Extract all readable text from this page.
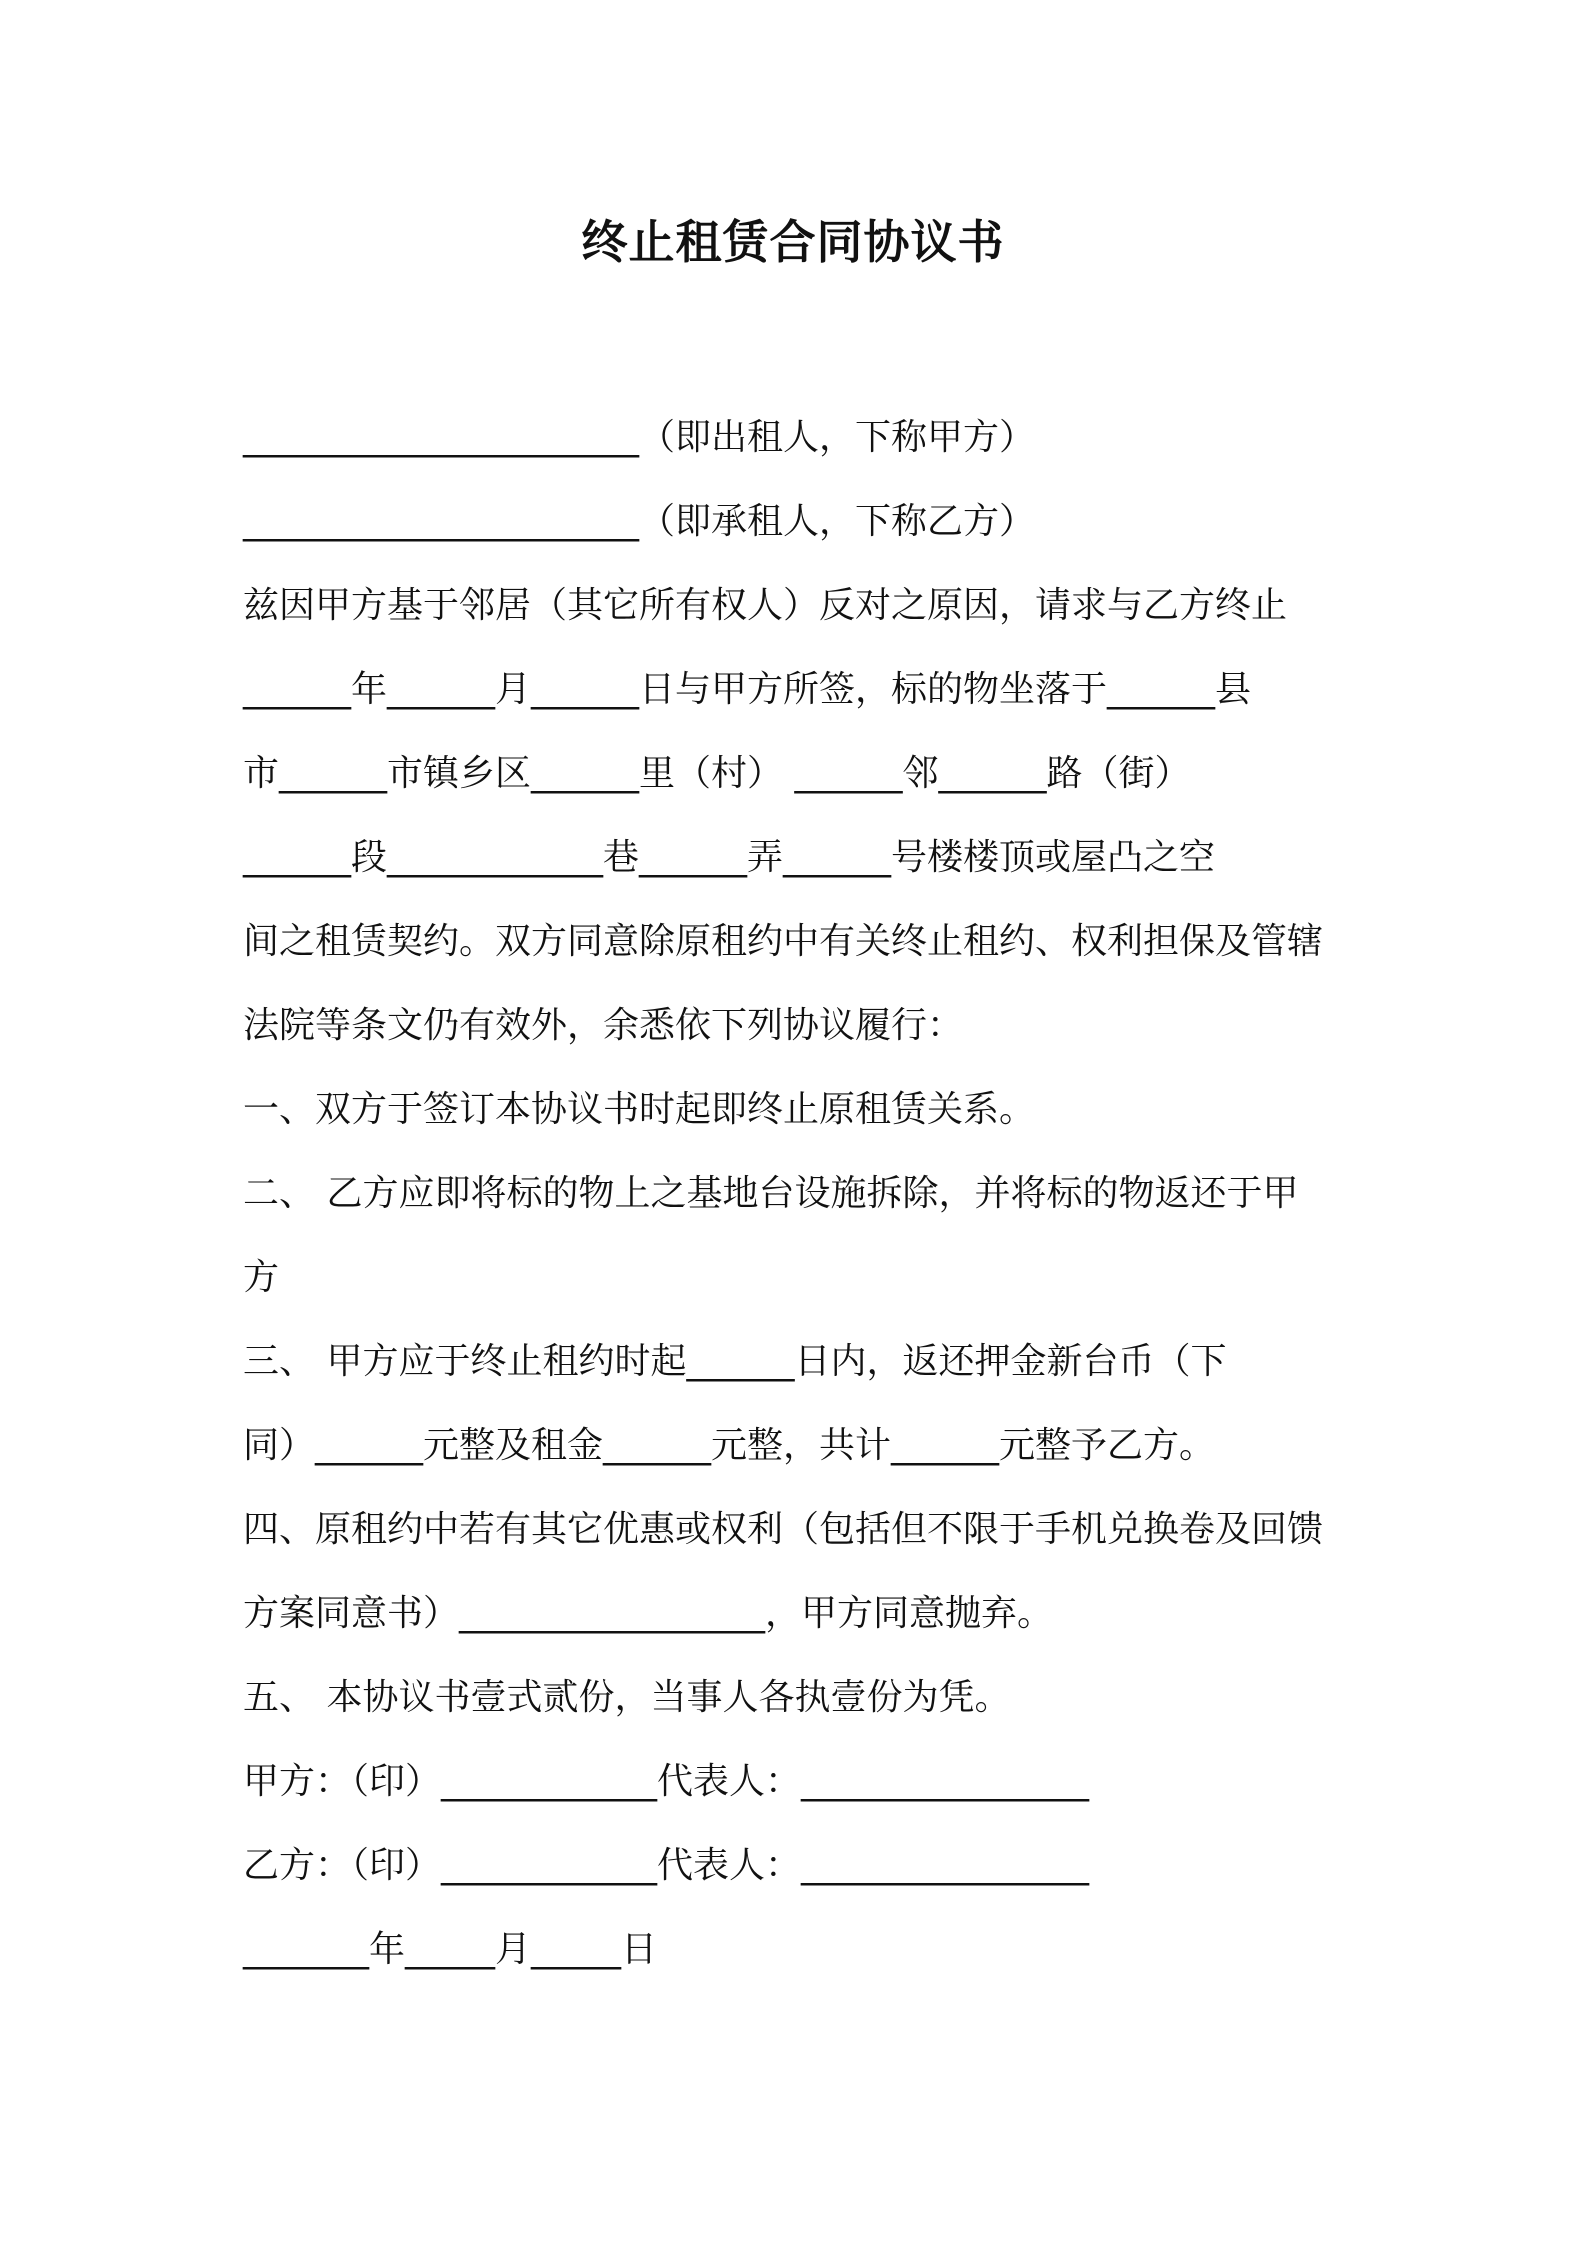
终止租赁合同协议书
______________________（即出租人，下称甲方）
______________________（即承租人，下称乙方）
兹因甲方基于邻居（其它所有权人）反对之原因，请求与乙方终止
______年______月______日与甲方所签，标的物坐落于______县
市______市镇乡区______里（村） ______邻______路（街）
______段____________巷______弄______号楼楼顶或屋凸之空
间之租赁契约。双方同意除原租约中有关终止租约、权利担保及管辖
法院等条文仍有效外，余悉依下列协议履行：
一、双方于签订本协议书时起即终止原租赁关系。
二、 乙方应即将标的物上之基地台设施拆除，并将标的物返还于甲
方
三、 甲方应于终止租约时起______日内，返还押金新台币（下
同）______元整及租金______元整，共计______元整予乙方。
四、原租约中若有其它优惠或权利（包括但不限于手机兑换卷及回馈
方案同意书）_________________，甲方同意抛弃。
五、 本协议书壹式贰份，当事人各执壹份为凭。
甲方：（印）____________代表人：________________
乙方：（印）____________代表人：________________
_______年_____月_____日
